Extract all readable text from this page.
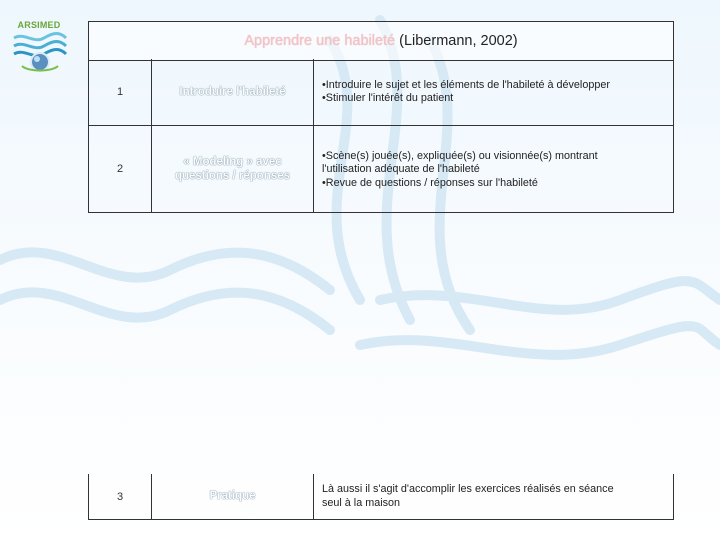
ARSIMED
Apprendre une habileté (Libermann, 2002)
1	Introduire l'habileté
•Introduire le sujet et les éléments de l'habileté à développer
•Stimuler l'intérêt du patient
2
« Modeling » avec questions / réponses
•Scène(s) jouée(s), expliquée(s) ou visionnée(s) montrant
l'utilisation adéquate de l'habileté
•Revue de questions / réponses sur l'habileté
3	Pratique
Là aussi il s'agit d'accomplir les exercices réalisés en séance
seul à la maison
